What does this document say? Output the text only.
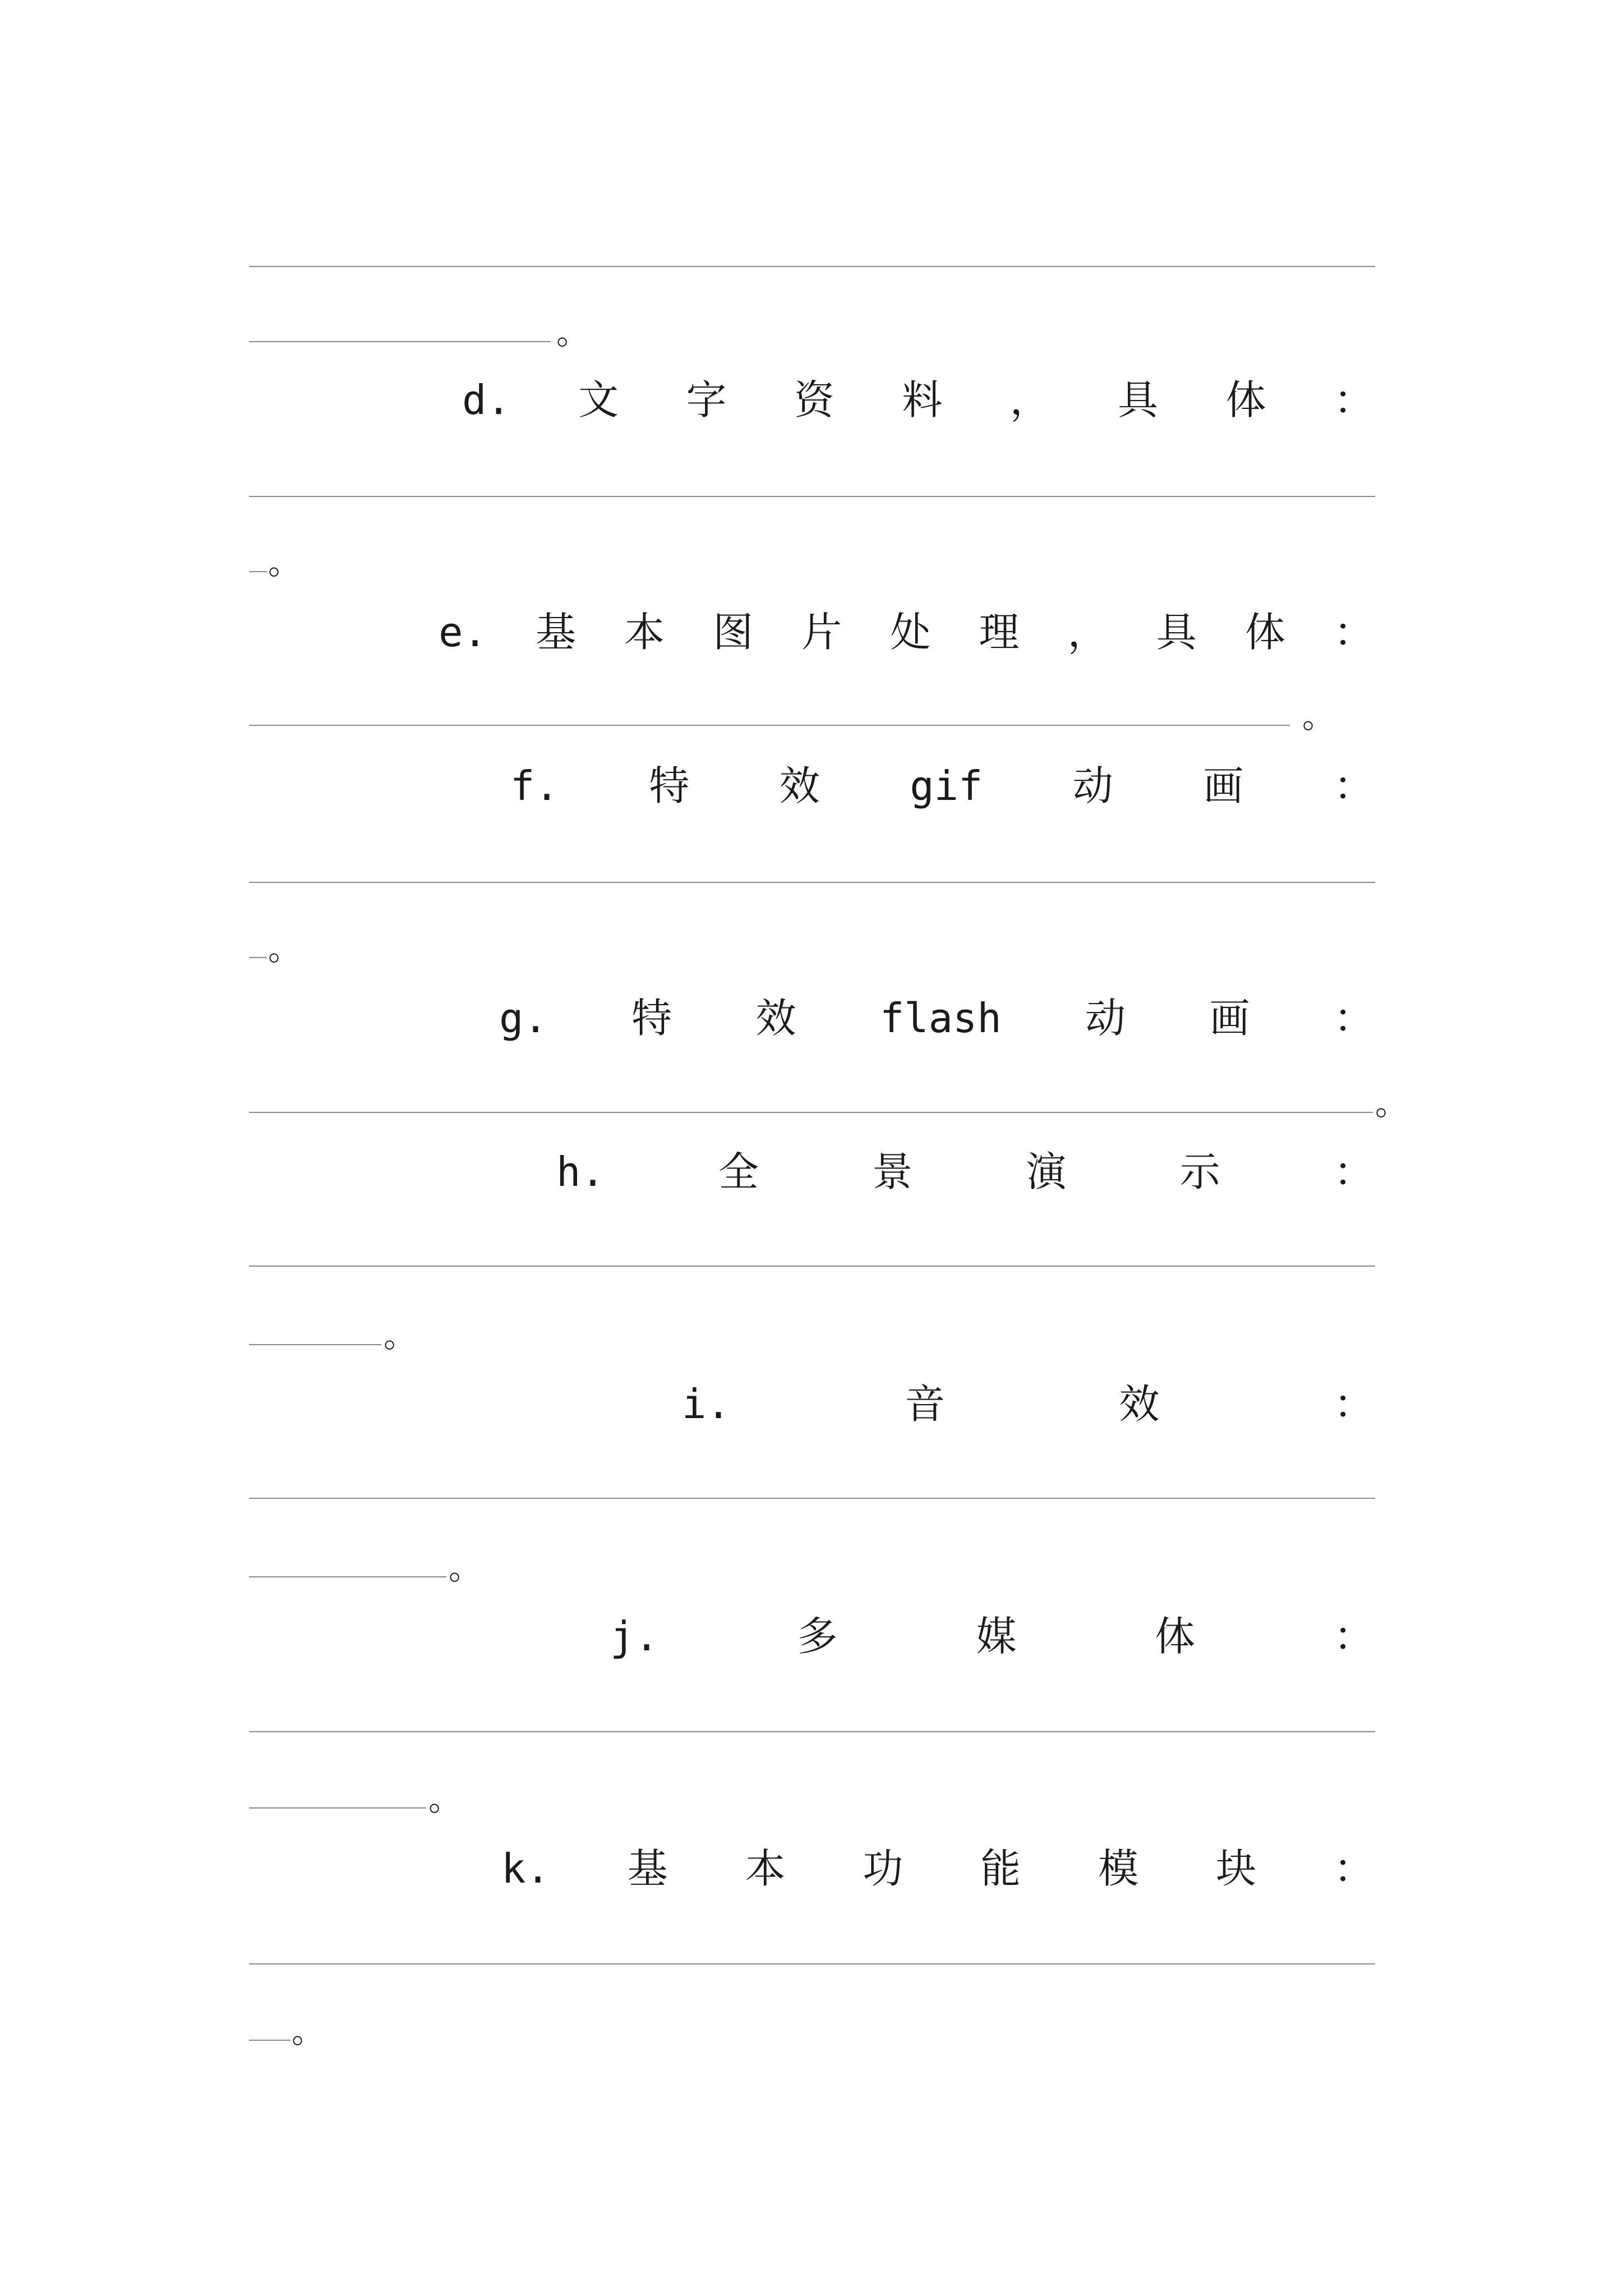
。
d. 文 字 资 料 ， 具 体 ：
。
e. 基 本 图 片 处 理 ， 具 体 ：
。
f. 特 效 gif 动 画 ：
。
g. 特 效 flash 动 画 ：
。
h.	全	景	演	示	：
。
i.	音	效	：
。
j.	多	媒	体	：
。
k. 基 本 功 能 模 块 ：
。
